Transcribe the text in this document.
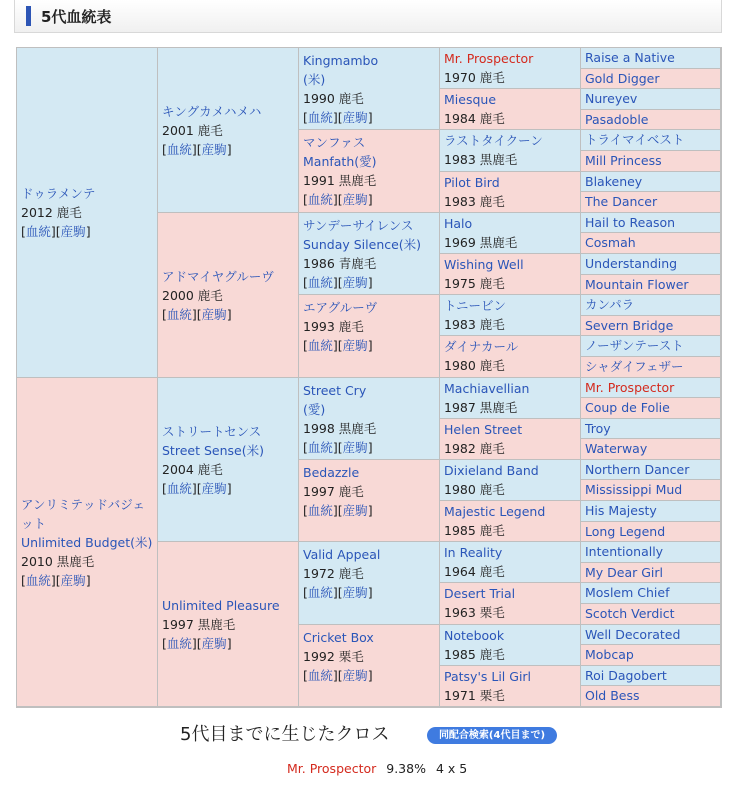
5代血統表
ドゥラメンテ
2012 鹿毛
[血統][産駒]
アンリミテッドバジェ
ット
Unlimited Budget(米)
2010 黒鹿毛
[血統][産駒]
キングカメハメハ
2001 鹿毛
[血統][産駒]
アドマイヤグルーヴ
2000 鹿毛
[血統][産駒]
ストリートセンス
Street Sense(米)
2004 鹿毛
[血統][産駒]
Unlimited Pleasure
1997 黒鹿毛
[血統][産駒]
Kingmambo
(米)
1990 鹿毛
[血統][産駒]
マンファス
Manfath(愛)
1991 黒鹿毛
[血統][産駒]
サンデーサイレンス
Sunday Silence(米)
1986 青鹿毛
[血統][産駒]
エアグルーヴ
1993 鹿毛
[血統][産駒]
Street Cry
(愛)
1998 黒鹿毛
[血統][産駒]
Bedazzle
1997 鹿毛
[血統][産駒]
Valid Appeal
1972 鹿毛
[血統][産駒]
Cricket Box
1992 栗毛
[血統][産駒]
Mr. Prospector
1970 鹿毛
Miesque
1984 鹿毛
ラストタイクーン
1983 黒鹿毛
Pilot Bird
1983 鹿毛
Halo
1969 黒鹿毛
Wishing Well
1975 鹿毛
トニービン
1983 鹿毛
ダイナカール
1980 鹿毛
Machiavellian
1987 黒鹿毛
Helen Street
1982 鹿毛
Dixieland Band
1980 鹿毛
Majestic Legend
1985 鹿毛
In Reality
1964 鹿毛
Desert Trial
1963 栗毛
Notebook
1985 鹿毛
Patsy's Lil Girl
1971 栗毛
Raise a Native
Gold Digger
Nureyev
Pasadoble
トライマイベスト
Mill Princess
Blakeney
The Dancer
Hail to Reason
Cosmah
Understanding
Mountain Flower
カンパラ
Severn Bridge
ノーザンテースト
シャダイフェザー
Mr. Prospector
Coup de Folie
Troy
Waterway
Northern Dancer
Mississippi Mud
His Majesty
Long Legend
Intentionally
My Dear Girl
Moslem Chief
Scotch Verdict
Well Decorated
Mobcap
Roi Dagobert
Old Bess
5代目までに生じたクロス	同配合検索(4代目まで)
Mr. Prospector 9.38% 4 x 5
